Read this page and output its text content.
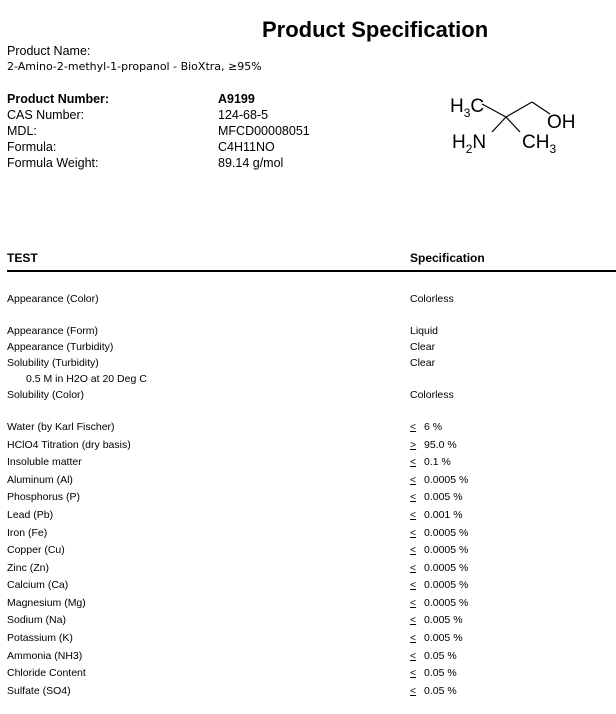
Product Specification
Product Name:
2-Amino-2-methyl-1-propanol - BioXtra, ≥95%
Product Number:	A9199
CAS Number:	124-68-5
MDL:	MFCD00008051
Formula:	C4H11NO
Formula Weight:	89.14 g/mol
$H_3C$
OH
$H_2N$ $CH_3$
TEST	Specification
Appearance (Color)	Colorless
Appearance (Form)	Liquid
Appearance (Turbidity)	Clear
Solubility (Turbidity)	Clear
0.5 M in H2O at 20 Deg C
Solubility (Color)	Colorless
Water (by Karl Fischer)	≤ 6 %
HClO4 Titration (dry basis)	≥ 95.0 %
Insoluble matter	≤ 0.1 %
Aluminum (Al)	≤ 0.0005 %
Phosphorus (P)	≤ 0.005 %
Lead (Pb)	≤ 0.001 %
Iron (Fe)	≤ 0.0005 %
Copper (Cu)	≤ 0.0005 %
Zinc (Zn)	≤ 0.0005 %
Calcium (Ca)	≤ 0.0005 %
Magnesium (Mg)	≤ 0.0005 %
Sodium (Na)	≤ 0.005 %
Potassium (K)	≤ 0.005 %
Ammonia (NH3)	≤ 0.05 %
Chloride Content	≤ 0.05 %
Sulfate (SO4)	≤ 0.05 %
